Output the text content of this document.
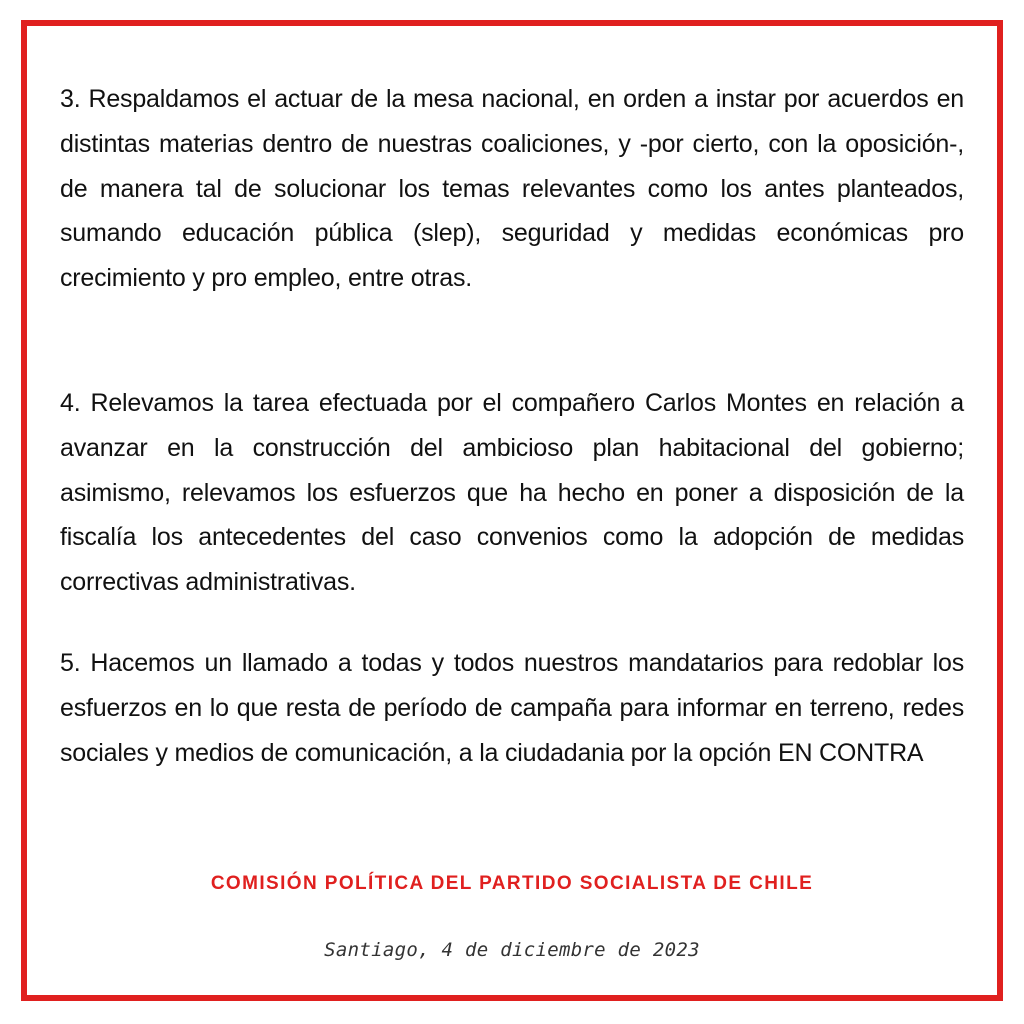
3. Respaldamos el actuar de la mesa nacional, en orden a instar por acuerdos en distintas materias dentro de nuestras coaliciones, y -por cierto, con la oposición-, de manera tal de solucionar los temas relevantes como los antes planteados, sumando educación pública (slep), seguridad y medidas económicas pro crecimiento y pro empleo, entre otras.

4. Relevamos la tarea efectuada por el compañero Carlos Montes en relación a avanzar en la construcción del ambicioso plan habitacional del gobierno; asimismo, relevamos los esfuerzos que ha hecho en poner a disposición de la fiscalía los antecedentes del caso convenios como la adopción de medidas correctivas administrativas.

5. Hacemos un llamado a todas y todos nuestros mandatarios para redoblar los esfuerzos en lo que resta de período de campaña para informar en terreno, redes sociales y medios de comunicación, a la ciudadania por la opción EN CONTRA

COMISIÓN POLÍTICA DEL PARTIDO SOCIALISTA DE CHILE

Santiago, 4 de diciembre de 2023
